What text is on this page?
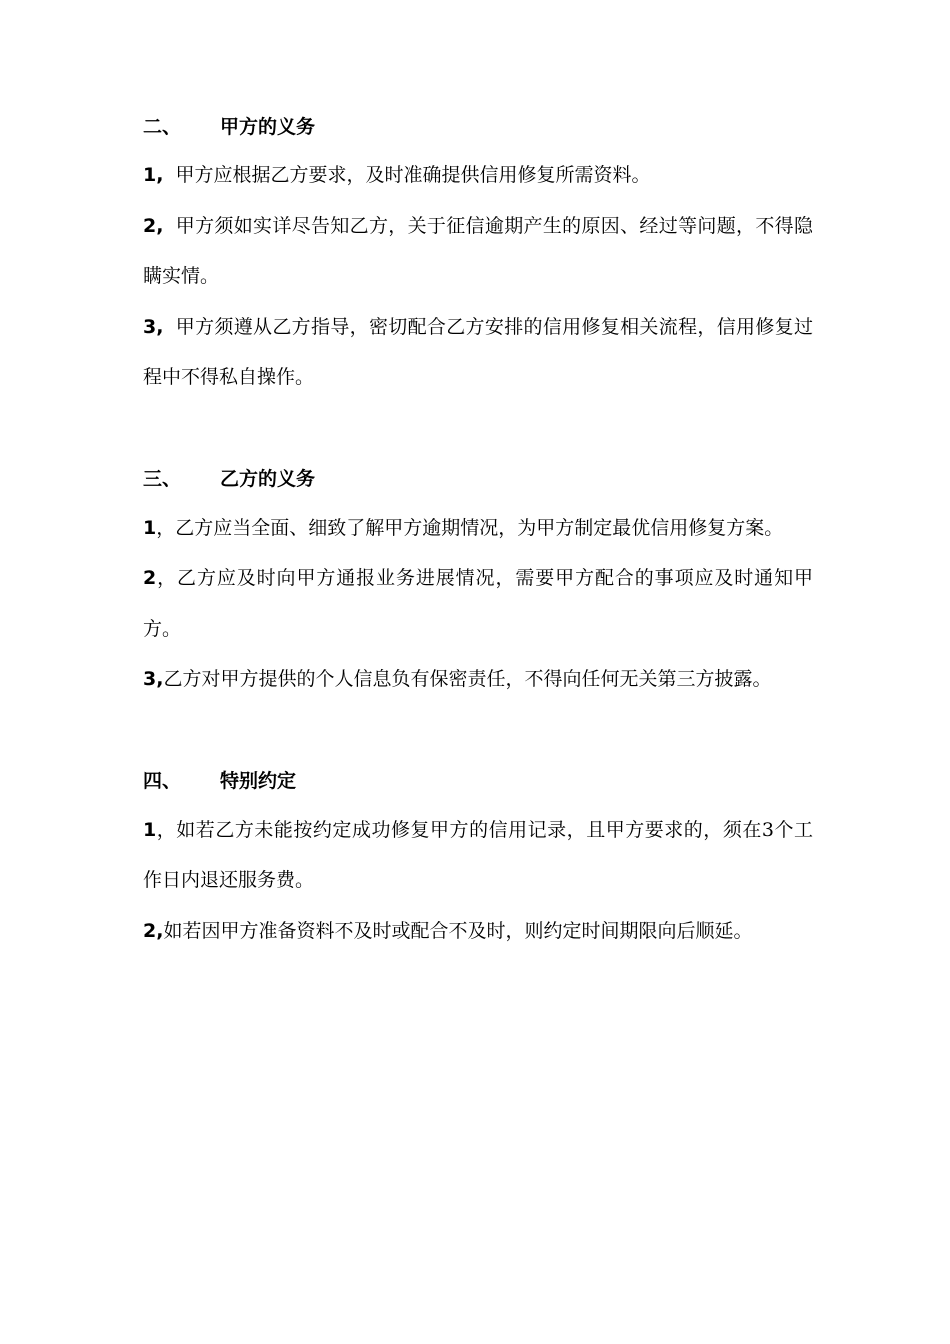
二、	甲方的义务
1, 甲方应根据乙方要求，及时准确提供信用修复所需资料。
2, 甲方须如实详尽告知乙方，关于征信逾期产生的原因、经过等问题，不得隐瞒实情。
3, 甲方须遵从乙方指导，密切配合乙方安排的信用修复相关流程，信用修复过程中不得私自操作。
三、	乙方的义务
1，乙方应当全面、细致了解甲方逾期情况，为甲方制定最优信用修复方案。
2，乙方应及时向甲方通报业务进展情况，需要甲方配合的事项应及时通知甲方。
3,乙方对甲方提供的个人信息负有保密责任，不得向任何无关第三方披露。
四、	特别约定
1，如若乙方未能按约定成功修复甲方的信用记录，且甲方要求的，须在3个工作日内退还服务费。
2,如若因甲方准备资料不及时或配合不及时，则约定时间期限向后顺延。
